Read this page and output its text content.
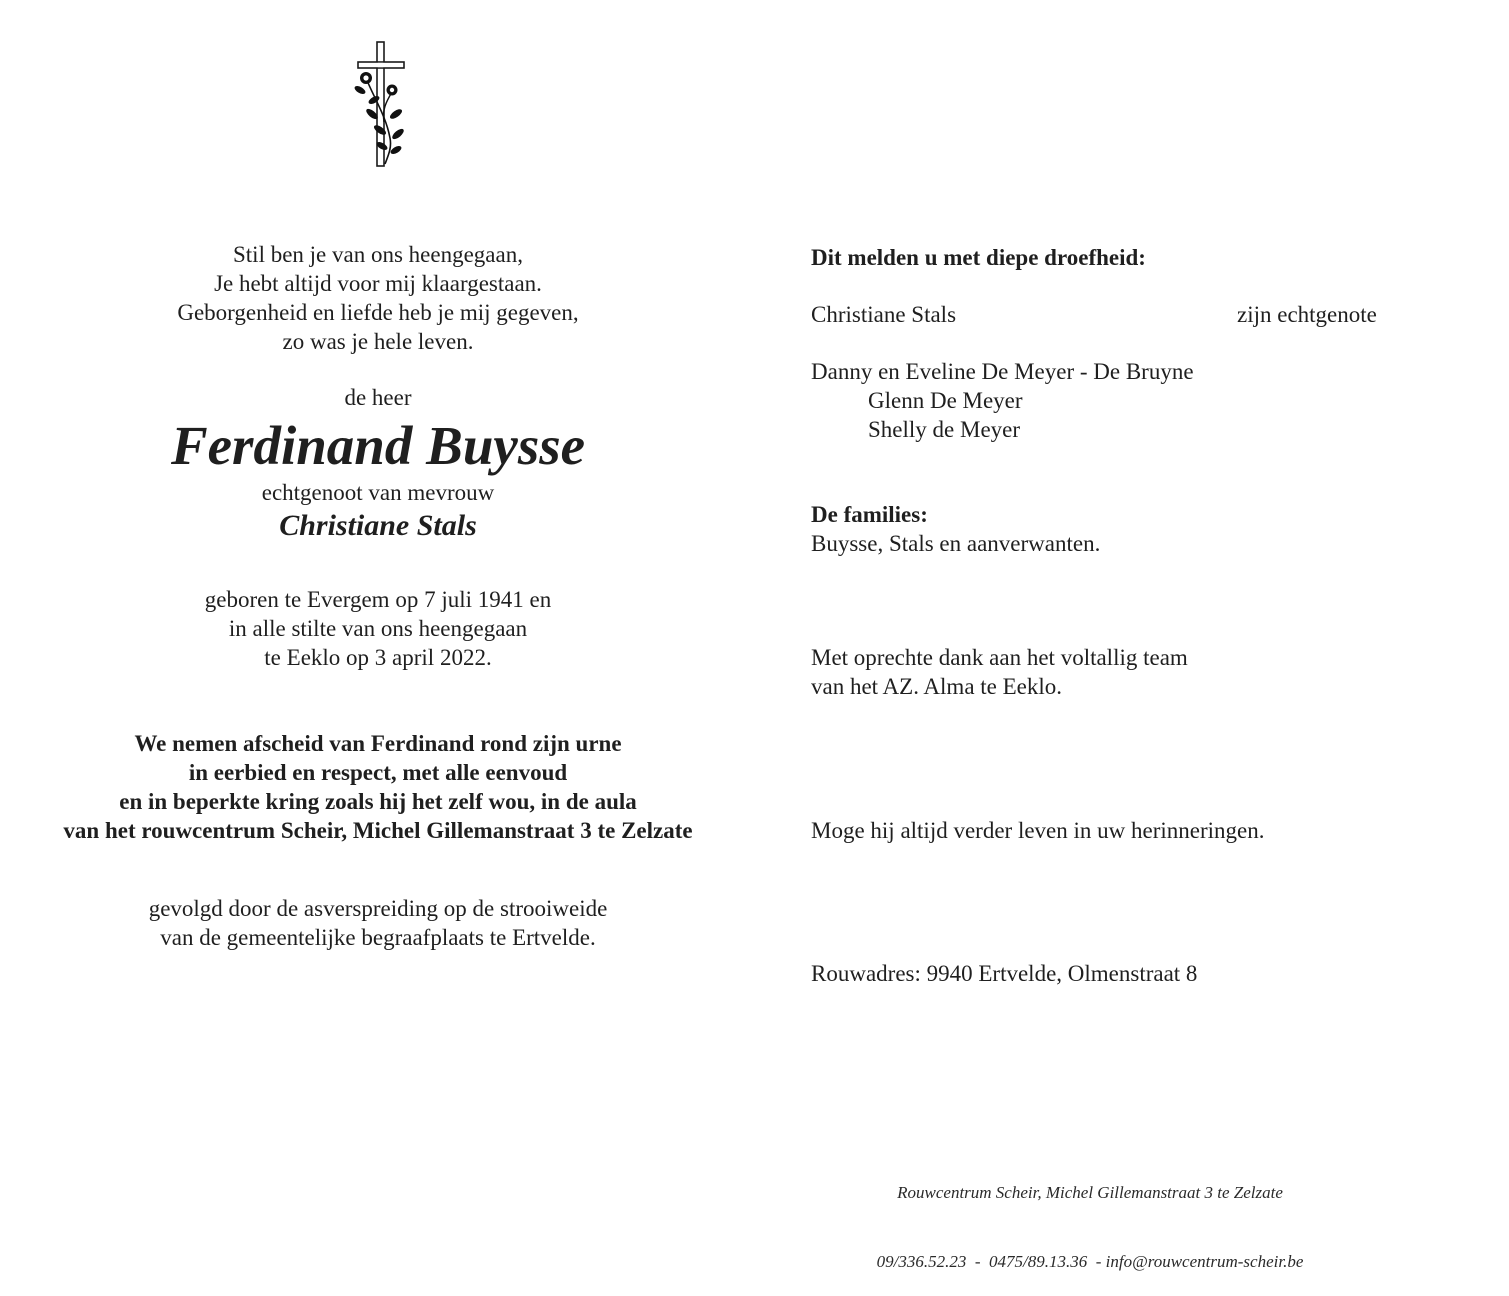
Stil ben je van ons heengegaan,
Je hebt altijd voor mij klaargestaan.
Geborgenheid en liefde heb je mij gegeven,
zo was je hele leven.
de heer
Ferdinand Buysse
echtgenoot van mevrouw
Christiane Stals
geboren te Evergem op 7 juli 1941 en
in alle stilte van ons heengegaan
te Eeklo op 3 april 2022.
We nemen afscheid van Ferdinand rond zijn urne
in eerbied en respect, met alle eenvoud
en in beperkte kring zoals hij het zelf wou, in de aula
van het rouwcentrum Scheir, Michel Gillemanstraat 3 te Zelzate
gevolgd door de asverspreiding op de strooiweide
van de gemeentelijke begraafplaats te Ertvelde.
Dit melden u met diepe droefheid:
Christiane Stals	zijn echtgenote
Danny en Eveline De Meyer - De Bruyne
Glenn De Meyer
Shelly de Meyer
De families:
Buysse, Stals en aanverwanten.
Met oprechte dank aan het voltallig team
van het AZ. Alma te Eeklo.
Moge hij altijd verder leven in uw herinneringen.
Rouwadres: 9940 Ertvelde, Olmenstraat 8

Rouwcentrum Scheir, Michel Gillemanstraat 3 te Zelzate

09/336.52.23  -  0475/89.13.36  - info@rouwcentrum-scheir.be
